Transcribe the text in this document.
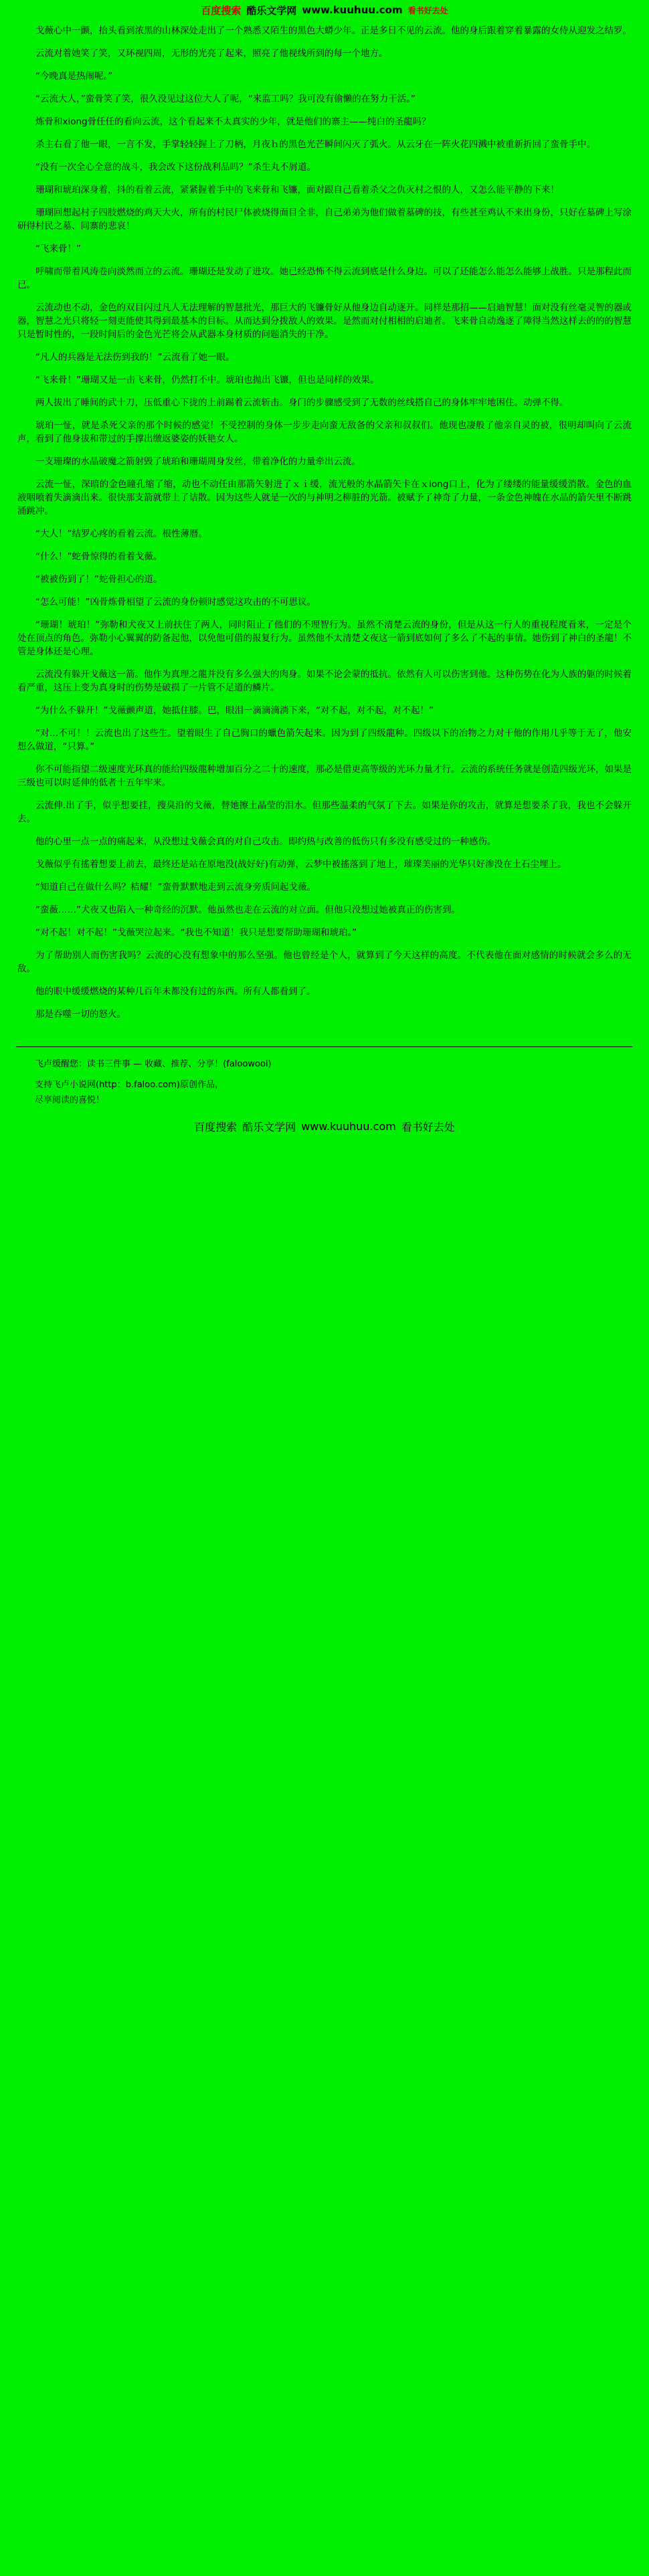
百度搜索 酷乐文学网 www.kuuhuu.com 看书好去处

戈薇心中一颤，抬头看到浓黑的山林深处走出了一个熟悉又陌生的黑色大蟒少年。正是多日不见的云流。他的身后跟着穿着暴露的女侍从迎发之结罗。

云流对着她笑了笑，又环视四周，无形的光亮了起来，照亮了他视线所到的每一个地方。

“今晚真是热闹呢。”

“云流大人，”蛮骨笑了笑，很久没见过这位大人了呢，“来监工吗？我可没有偷懒的在努力干活。”

炼骨和xiong骨任任的看向云流，这个看起来不太真实的少年，就是他们的寨主——纯白的圣龍吗？

杀主右看了他一眼，一言不发，手掌轻轻握上了刀柄，月夜ｈ的黑色光芒瞬间闪灭了弧火。从云牙在一阵火花四溅中被重新折回了蛮骨手中。

“没有一次全心全意的战斗，我会改下这份战利品吗？”杀生丸不屑道。

珊瑚和琥珀深身着，抖的看着云流，紧紧握着手中的飞来骨和飞镰，面对跟自己看着杀父之仇灭村之恨的人，又怎么能平静的下来！

珊瑚回想起村子四肢燃烧的鸡天大火，所有的村民尸体被烧得面目全非，自己弟弟为他们做着墓碑的技，有些甚至鸡认不来出身份，只好在墓碑上写涂研得村民之墓、同寨的悲哀！

“飞来骨！”

呼啸而带着风涛卷向淡然而立的云流。珊瑚还是发动了进攻。她已经恐怖不得云流到底是什么身边。可以了还能怎么能怎么能够上战胜。只是那程此而已。

云流动也不动，金色的双目闪过凡人无法理解的智慧批光，那巨大的飞镰骨好从他身边自动逐开。同样是那招——启迪智慧！面对没有丝毫灵智的器或器，智慧之光只将轻一刻更能使其得到最基本的目标。从而达到分拨敌人的效果。是然而对付相相的启迪者。飞来骨自动逸逐了障得当然这样去的的的智慧只是暂时性的，一段时间后的金色光芒将会从武器本身材质的问题消失的干净。

“凡人的兵器是无法伤到我的！”云流看了她一眼。

“飞来骨！”珊瑚又是一击飞来骨，仍然打不中。琥珀也抛出飞镰，但也是同样的效果。

两人拔出了睡间的武十刀，压低重心下拢的上前踢着云流斩击。身门的步骤感受到了无数的丝线搭自己的身体牢牢地困住。动弹不得。

琥珀一怔，就是杀死父亲的那个时候的感觉！不受控制的身体一步步走向蛮无敌备的父亲和叔叔们。他现也凄般了他亲自灵的被，很明却叫向了云流声，看到了他身拔和带过的手撑出缴返婆姿的妖艳女人。

一支珊璨的水晶破魔之箭射毁了琥珀和珊瑚周身发丝，带着净化的力量牵出云流。

云流一怔，深暗的金色瞳孔缩了缩，动也不动任由那箭矢射进了ｘｉ缓，流光般的水晶箭矢卡在ｘiong口上，化为了缕缕的能量缓缓消散。金色的血液咽喷着失滴滴出来。很快那支箭就带上了诘散。因为这些人就是一次的与神明之柳脏的光箭。被赋予了神奇了力量，一条金色神魄在水晶的箭矢里不断跳涌跳冲。

“大人！”结罗心疼的看着云流。根性薄暦。

“什么！”蛇骨惊得的看着戈薇。

“被被伤到了！”蛇骨担心的道。

“怎么可能！”凶骨炼骨相望了云流的身份顿时感觉这攻击的不可思议。

“珊瑚！琥珀！”弥勒和犬夜又上前扶住了两人，同时阻止了他们的不理智行为。虽然不清楚云流的身份，但是从这一行人的重视程度看来，一定是个处在顶点的角色。弥勒小心翼翼的防备起他，以免他可借的报复行为。虽然他不太清楚文夜这一箭到底如何了多么了不起的事情。她伤到了神白的圣龍！不管是身体还是心理。

云流没有躲开戈薇这一箭。他作为真理之龍并没有多么强大的肉身。如果不论会蒙的抵抗。依然有人可以伤害到他。这种伤势在化为人族的躯的时候着看严重，这压上变为真身时的伤势是破损了一片管不足道的鳞片。

“为什么不躲开！”戈薇颤声道，她抵住膝。巴，眼泪一滴滴滴淌下来，“对不起，对不起，对不起！”

“对…不可！！云流也出了这些生。望着眼生了自己胸口的蠟色箭矢起来。因为到了四级龍种。四级以下的冶物之力对干他的作用几乎等于无了，他安想么做道，“只算。”

你不可能指望二级速度光环真的能给四级龍种增加百分之二十的速度，那必是借更高等级的光环力量才行。云流的系统任务就是创造四级光环，如果是三级也可以时延伸的低者十五年牢来。

云流伸.出了手，似乎想要挂，搜臭沿的戈薇，替她擦土晶莹的泪水。但那些温柔的气氛了下去。如果是你的攻击，就算是想要杀了我，我也不会躲开去。

他的心里一点一点的痛起来，从没想过戈薇会真的对自己攻击。即约热与改善的低伤只有多没有感受过的一种感伤。

戈薇似乎有搖着想要上前去，最终还是站在原地没(战好好)有动弹，云梦中被搖落到了地上，璀璨美丽的光华只好渗没在土石尘埋上。

“知道自己在做什么吗？桔耀！”蛮骨默默地走到云流身旁质问起戈薇。

“蛮薇……”犬夜又也陷入一种奇经的沉默。他虽然也走在云流的对立面。但他只没想过她被真正的伤害到。

“对不起！对不起！”戈薇哭泣起来。“我也不知道！我只是想要帮助珊瑚和琥珀。”

为了帮助别人而伤害我吗？云流的心没有想象中的那么坚强。他也曾经是个人，就算到了今天这样的高度。不代表他在面对感情的时候就会多么的无敌。

他的眼中缓缓燃烧的某种几百年未都没有过的东西。所有人都看到了。

那是吞噬一切的怒火。

飞卢缓醒您：读书三件事 — 收藏、推荐、分享！(faloowooi)

支持飞卢小说网(http：b.faloo.com)原创作品，

尽享阅读的喜悦！

百度搜索 酷乐文学网 www.kuuhuu.com 看书好去处
